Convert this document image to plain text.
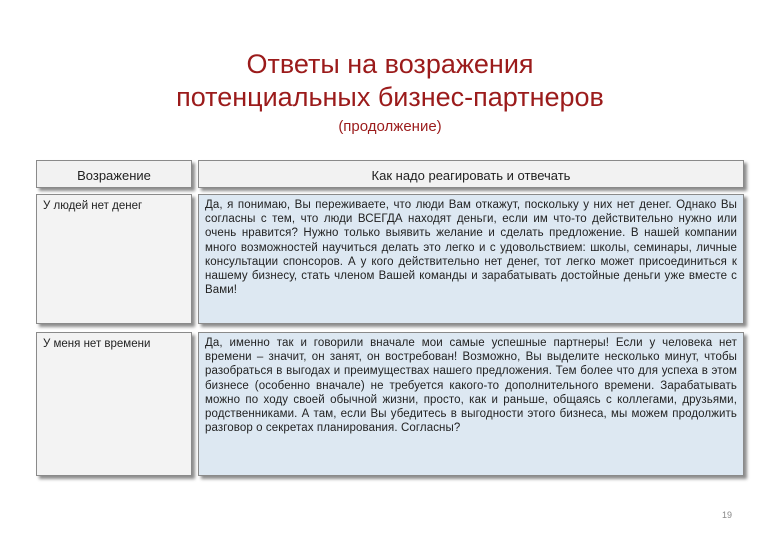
Ответы на возражения
потенциальных бизнес-партнеров
(продолжение)
Возражение	Как надо реагировать и отвечать
У людей нет денег	Да, я понимаю, Вы переживаете, что люди Вам откажут, поскольку у них нет денег. Однако Вы согласны с тем, что люди ВСЕГДА находят деньги, если им что-то действительно нужно или очень нравится? Нужно только выявить желание и сделать предложение. В нашей компании много возможностей научиться делать это легко и с удовольствием: школы, семинары, личные консультации спонсоров. А у кого действительно нет денег, тот легко может присоединиться к нашему бизнесу, стать членом Вашей команды и зарабатывать достойные деньги уже вместе с Вами!
У меня нет времени	Да, именно так и говорили вначале мои самые успешные партнеры! Если у человека нет времени – значит, он занят, он востребован! Возможно, Вы выделите несколько минут, чтобы разобраться в выгодах и преимуществах нашего предложения. Тем более что для успеха в этом бизнесе (особенно вначале) не требуется какого-то дополнительного времени. Зарабатывать можно по ходу своей обычной жизни, просто, как и раньше, общаясь с коллегами, друзьями, родственниками. А там, если Вы убедитесь в выгодности этого бизнеса, мы можем продолжить разговор о секретах планирования. Согласны?
19
